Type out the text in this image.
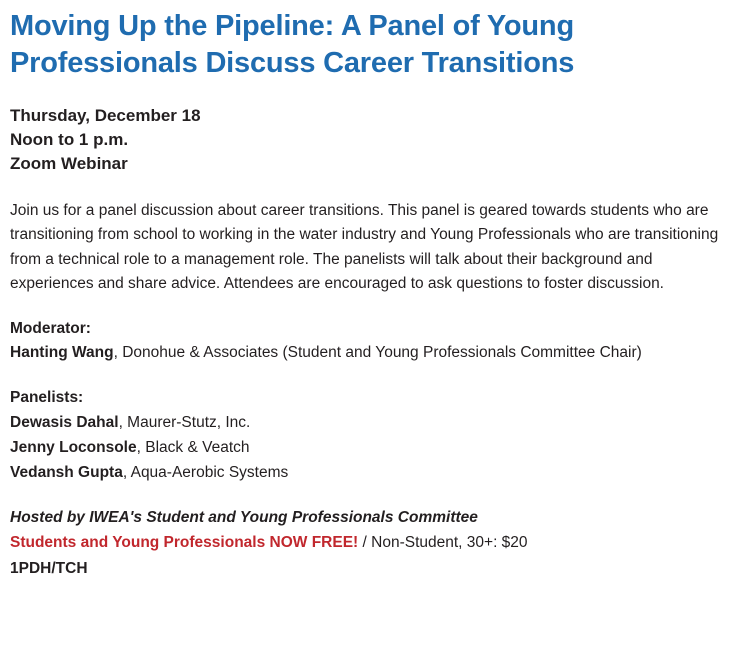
Moving Up the Pipeline: A Panel of Young Professionals Discuss Career Transitions
Thursday, December 18
Noon to 1 p.m.
Zoom Webinar

Join us for a panel discussion about career transitions. This panel is geared towards students who are transitioning from school to working in the water industry and Young Professionals who are transitioning from a technical role to a management role. The panelists will talk about their background and experiences and share advice. Attendees are encouraged to ask questions to foster discussion.

Moderator:
Hanting Wang, Donohue & Associates (Student and Young Professionals Committee Chair)
Panelists:
Dewasis Dahal, Maurer-Stutz, Inc.
Jenny Loconsole, Black & Veatch
Vedansh Gupta, Aqua-Aerobic Systems
Hosted by IWEA's Student and Young Professionals Committee
Students and Young Professionals NOW FREE! / Non-Student, 30+: $20
1PDH/TCH
